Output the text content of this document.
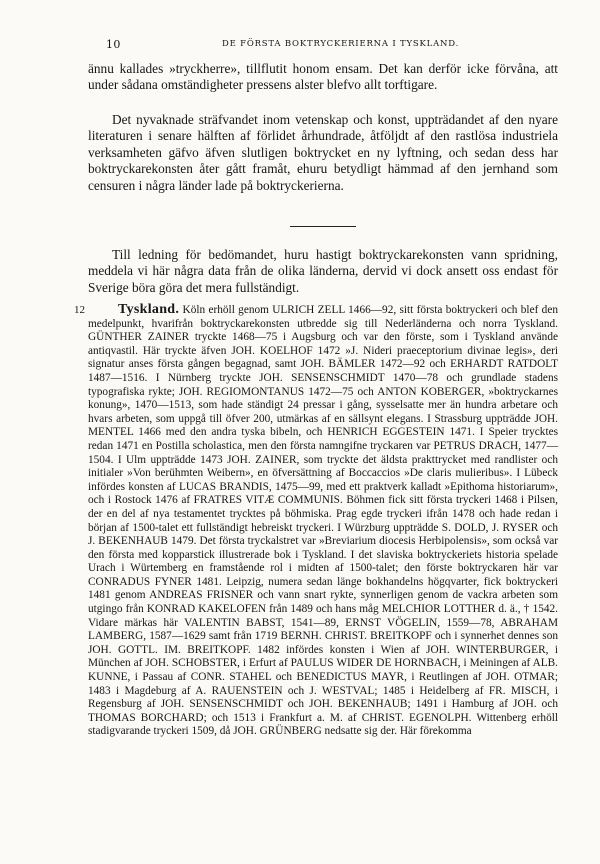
10	DE FÖRSTA BOKTRYCKERIERNA I TYSKLAND.

ännu kallades »tryckherre», tillflutit honom ensam. Det kan derför icke förvåna, att under sådana omständigheter pressens alster blefvo allt torftigare.

Det nyvaknade sträfvandet inom vetenskap och konst, uppträdandet af den nyare literaturen i senare hälften af förlidet århundrade, åtföljdt af den rastlösa industriela verksamheten gäfvo äfven slutligen boktrycket en ny lyftning, och sedan dess har boktryckarekonsten åter gått framåt, ehuru betydligt hämmad af den jernhand som censuren i några länder lade på boktryckerierna.

Till ledning för bedömandet, huru hastigt boktryckarekonsten vann spridning, meddela vi här några data från de olika länderna, dervid vi dock ansett oss endast för Sverige böra göra det mera fullständigt.

12	Tyskland. Köln erhöll genom ULRICH ZELL 1466—92, sitt första boktryckeri och blef den medelpunkt, hvarifrån boktryckarekonsten utbredde sig till Nederländerna och norra Tyskland. GÜNTHER ZAINER tryckte 1468—75 i Augsburg och var den förste, som i Tyskland använde antiqvastil. Här tryckte äfven JOH. KOELHOF 1472 »J. Nideri praeceptorium divinae legis», deri signatur anses första gången begagnad, samt JOH. BÄMLER 1472—92 och ERHARDT RATDOLT 1487—1516. I Nürnberg tryckte JOH. SENSENSCHMIDT 1470—78 och grundlade stadens typografiska rykte; JOH. REGIOMONTANUS 1472—75 och ANTON KOBERGER, »boktryckarnes konung», 1470—1513, som hade ständigt 24 pressar i gång, sysselsatte mer än hundra arbetare och hvars arbeten, som uppgå till öfver 200, utmärkas af en sällsynt elegans. I Strassburg uppträdde JOH. MENTEL 1466 med den andra tyska bibeln, och HENRICH EGGESTEIN 1471. I Speier trycktes redan 1471 en Postilla scholastica, men den första namngifne tryckaren var PETRUS DRACH, 1477—1504. I Ulm uppträdde 1473 JOH. ZAINER, som tryckte det äldsta prakttrycket med randlister och initialer »Von berühmten Weibern», en öfversättning af Boccaccios »De claris mulieribus». I Lübeck infördes konsten af LUCAS BRANDIS, 1475—99, med ett praktverk kalladt »Epithoma historiarum», och i Rostock 1476 af FRATRES VITÆ COMMUNIS. Böhmen fick sitt första tryckeri 1468 i Pilsen, der en del af nya testamentet trycktes på böhmiska. Prag egde tryckeri ifrån 1478 och hade redan i början af 1500-talet ett fullständigt hebreiskt tryckeri. I Würzburg uppträdde S. DOLD, J. RYSER och J. BEKENHAUB 1479. Det första tryckalstret var »Breviarium diocesis Herbipolensis», som också var den första med kopparstick illustrerade bok i Tyskland. I det slaviska boktryckeriets historia spelade Urach i Würtemberg en framstående rol i midten af 1500-talet; den förste boktryckaren här var CONRADUS FYNER 1481. Leipzig, numera sedan länge bokhandelns högqvarter, fick boktryckeri 1481 genom ANDREAS FRISNER och vann snart rykte, synnerligen genom de vackra arbeten som utgingo från KONRAD KAKELOFEN från 1489 och hans måg MELCHIOR LOTTHER d. ä., † 1542. Vidare märkas här VALENTIN BABST, 1541—89, ERNST VÖGELIN, 1559—78, ABRAHAM LAMBERG, 1587—1629 samt från 1719 BERNH. CHRIST. BREITKOPF och i synnerhet dennes son JOH. GOTTL. IM. BREITKOPF. 1482 infördes konsten i Wien af JOH. WINTERBURGER, i München af JOH. SCHOBSTER, i Erfurt af PAULUS WIDER DE HORNBACH, i Meiningen af ALB. KUNNE, i Passau af CONR. STAHEL och BENEDICTUS MAYR, i Reutlingen af JOH. OTMAR; 1483 i Magdeburg af A. RAUENSTEIN och J. WESTVAL; 1485 i Heidelberg af FR. MISCH, i Regensburg af JOH. SENSENSCHMIDT och JOH. BEKENHAUB; 1491 i Hamburg af JOH. och THOMAS BORCHARD; och 1513 i Frankfurt a. M. af CHRIST. EGENOLPH. Wittenberg erhöll stadigvarande tryckeri 1509, då JOH. GRÜNBERG nedsatte sig der. Här förekomma
